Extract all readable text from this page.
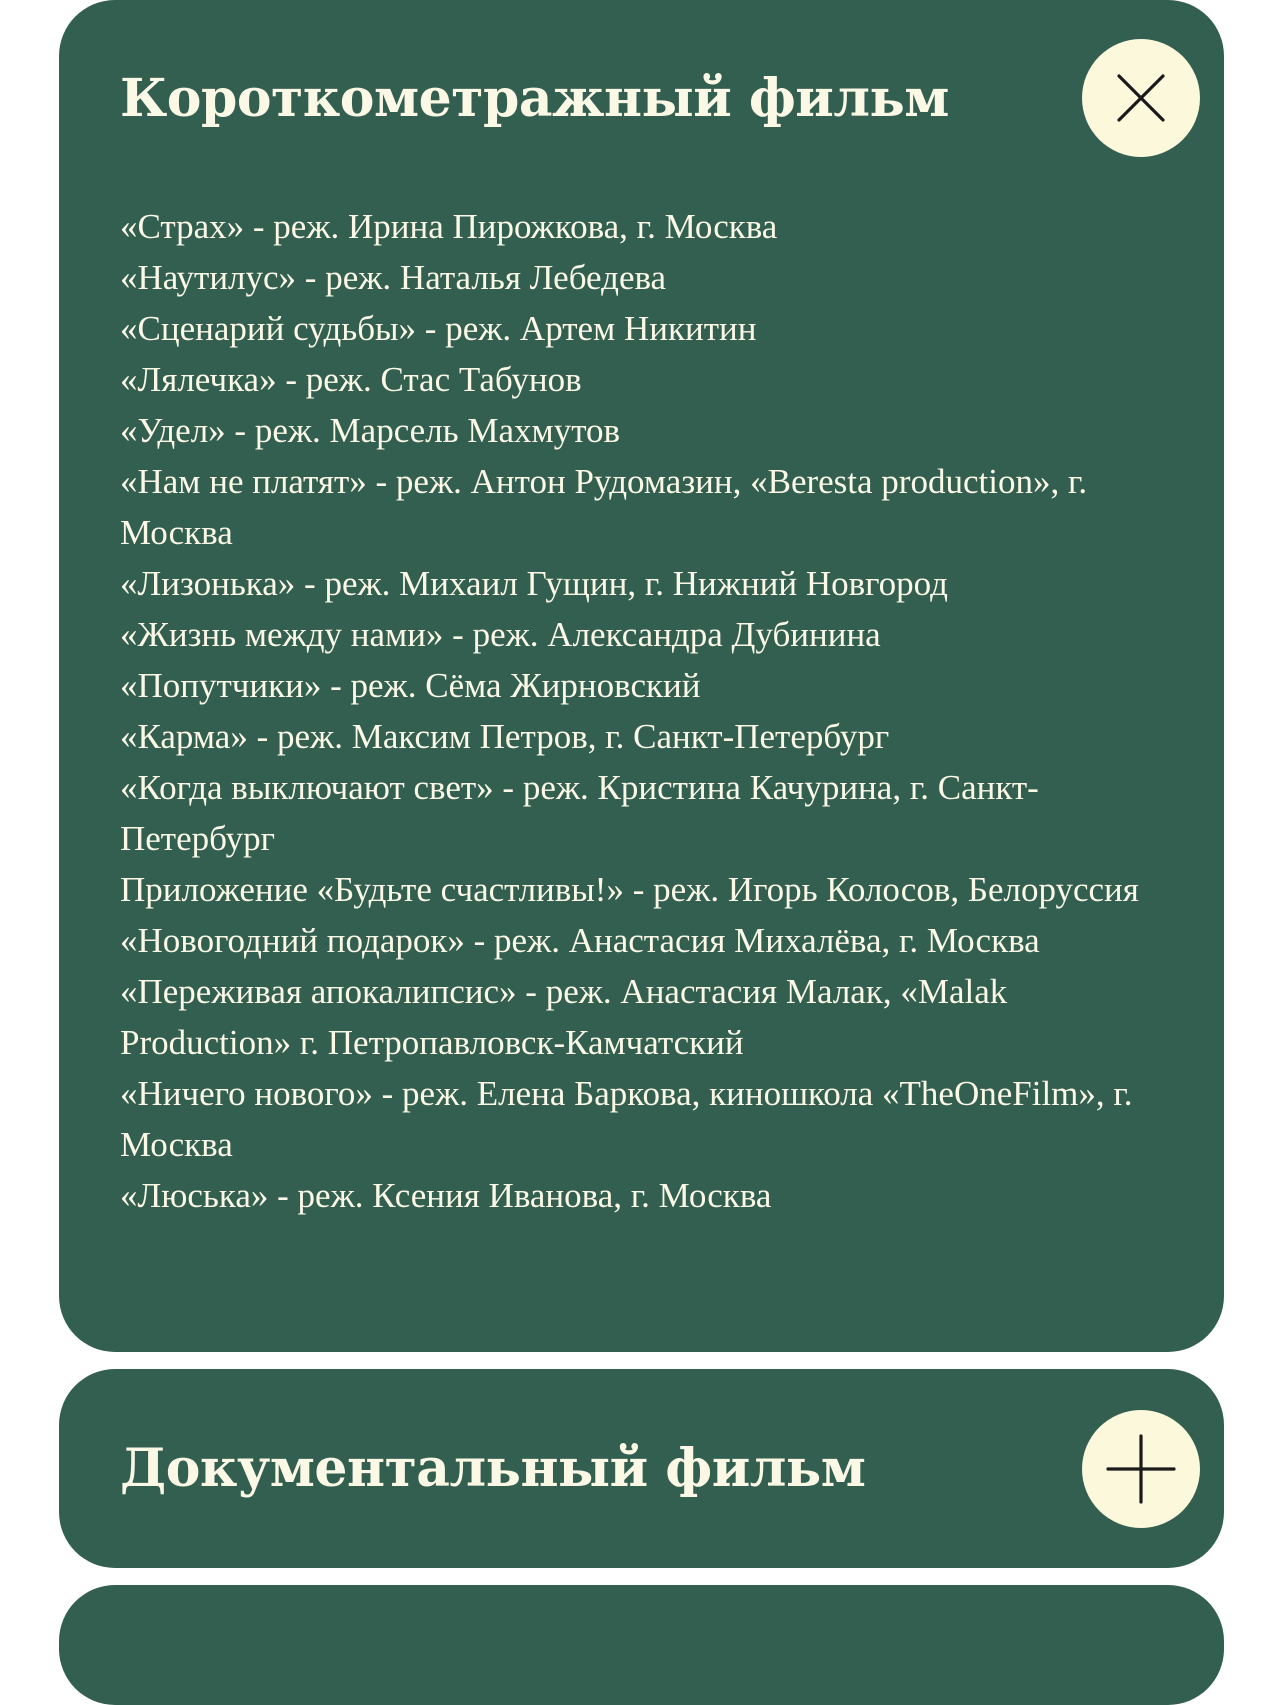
Короткометражный фильм
«Страх» - реж. Ирина Пирожкова, г. Москва
«Наутилус» - реж. Наталья Лебедева
«Сценарий судьбы» - реж. Артем Никитин
«Лялечка» - реж. Стас Табунов
«Удел» - реж. Марсель Махмутов
«Нам не платят» - реж. Антон Рудомазин, «Beresta production», г. Москва
«Лизонька» - реж. Михаил Гущин, г. Нижний Новгород
«Жизнь между нами» - реж. Александра Дубинина
«Попутчики» - реж. Сёма Жирновский
«Карма» - реж. Максим Петров, г. Санкт-Петербург
«Когда выключают свет» - реж. Кристина Качурина, г. Санкт-Петербург
Приложение «Будьте счастливы!» - реж. Игорь Колосов, Белоруссия
«Новогодний подарок» - реж. Анастасия Михалёва, г. Москва
«Переживая апокалипсис» - реж. Анастасия Малак, «Malak Production» г. Петропавловск-Камчатский
«Ничего нового» - реж. Елена Баркова, киношкола «TheOneFilm», г. Москва
«Люська» - реж. Ксения Иванова, г. Москва
Документальный фильм
